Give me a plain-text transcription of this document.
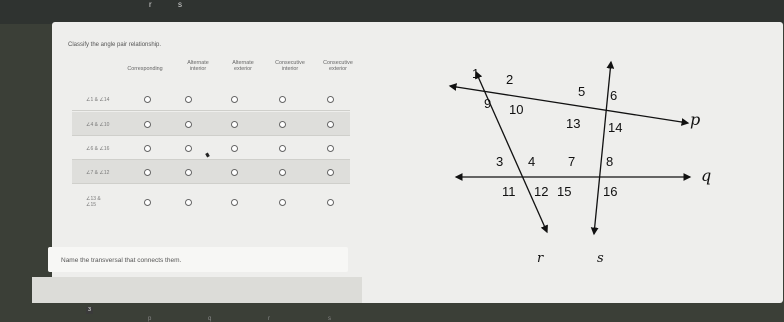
r	s
Classify the angle pair relationship.
Corresponding
Alternate interior
Alternate exterior
Consecutive interior
Consecutive exterior
∠1 & ∠14
∠4 & ∠10
∠6 & ∠16
∠7 & ∠12
∠13 & ∠15
Name the transversal that connects them.
3
p	q	r	s
p
q
r	s
1 2
9 10
5 6
13 14
3 4	7 8
11 12 15 16
